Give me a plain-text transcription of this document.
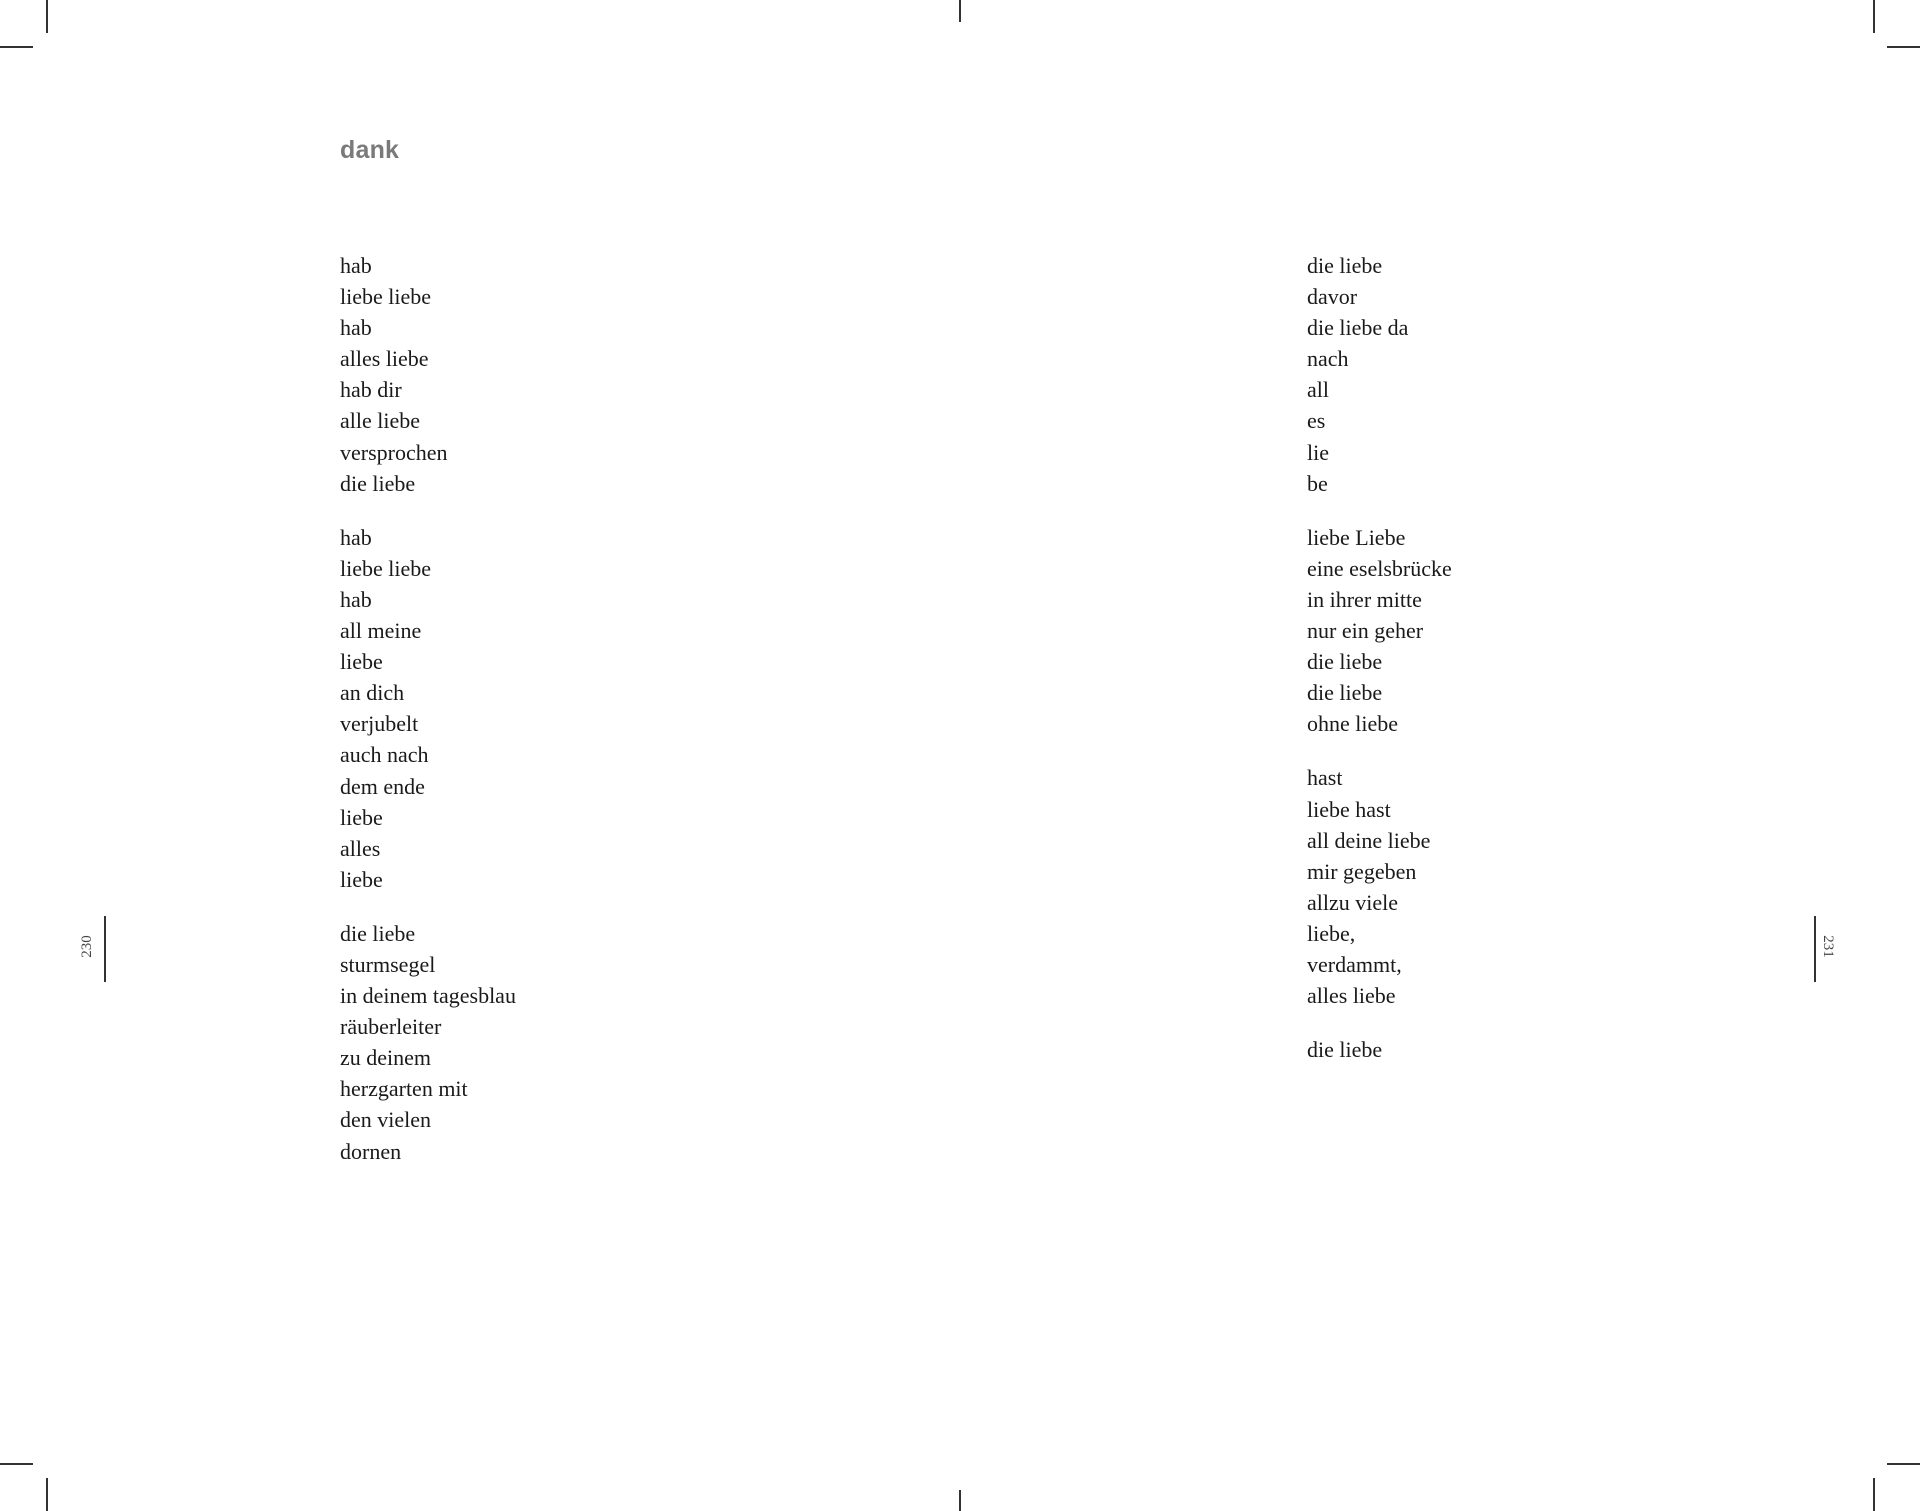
dank
hab
liebe liebe
hab
alles liebe
hab dir
alle liebe
versprochen
die liebe
hab
liebe liebe
hab
all meine
liebe
an dich
verjubelt
auch nach
dem ende
liebe
alles
liebe
die liebe
sturmsegel
in deinem tagesblau
räuberleiter
zu deinem
herzgarten mit
den vielen
dornen
die liebe
davor
die liebe da
nach
all
es
lie
be
liebe Liebe
eine eselsbrücke
in ihrer mitte
nur ein geher
die liebe
die liebe
ohne liebe
hast
liebe hast
all deine liebe
mir gegeben
allzu viele
liebe,
verdammt,
alles liebe
die liebe
230	231
